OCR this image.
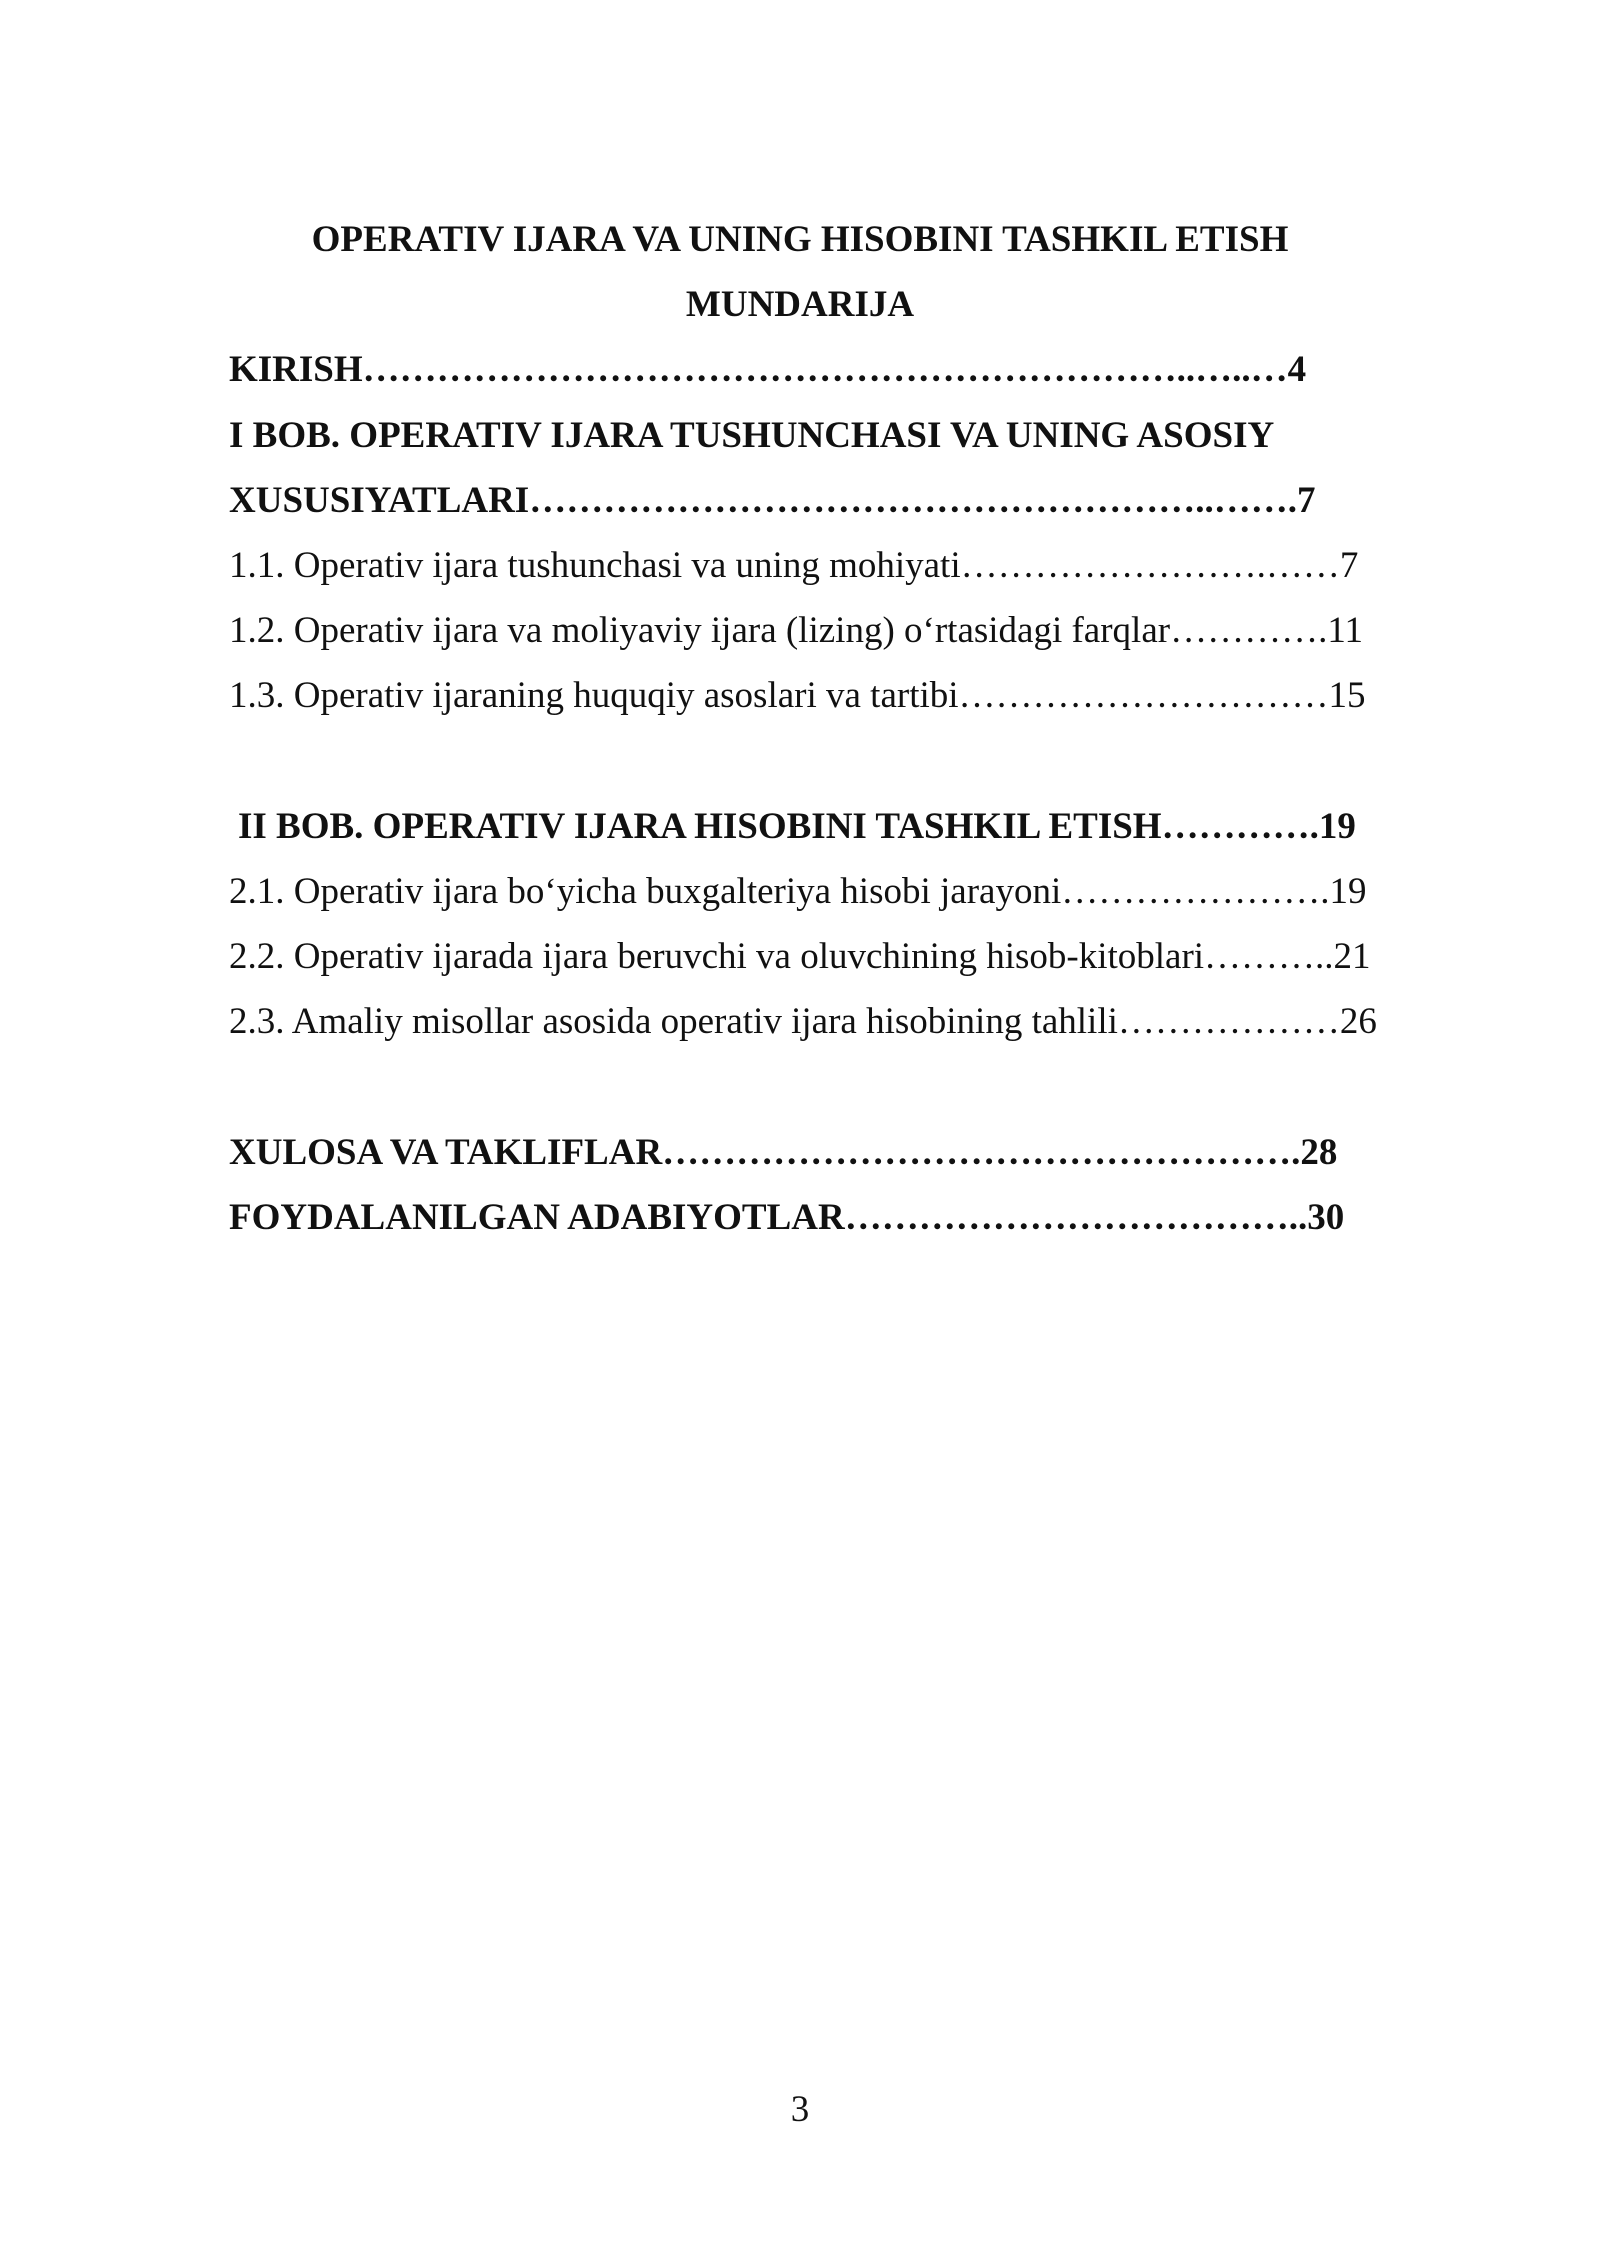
OPERATIV IJARA VA UNING HISOBINI TASHKIL ETISH
MUNDARIJA
KIRISH…………………………………………………………..…..…4
I BOB. OPERATIV IJARA TUSHUNCHASI VA UNING ASOSIY
XUSUSIYATLARI………………………………………………..…….7
1.1. Operativ ijara tushunchasi va uning mohiyati…………………….……7
1.2. Operativ ijara va moliyaviy ijara (lizing) o‘rtasidagi farqlar………….11
1.3. Operativ ijaraning huquqiy asoslari va tartibi…………………………15
II BOB. OPERATIV IJARA HISOBINI TASHKIL ETISH………….19
2.1. Operativ ijara bo‘yicha buxgalteriya hisobi jarayoni………………….19
2.2. Operativ ijarada ijara beruvchi va oluvchining hisob-kitoblari………..21
2.3. Amaliy misollar asosida operativ ijara hisobining tahlili………………26
XULOSA VA TAKLIFLAR…………………………………………….28
FOYDALANILGAN ADABIYOTLAR………………………………..30
3
